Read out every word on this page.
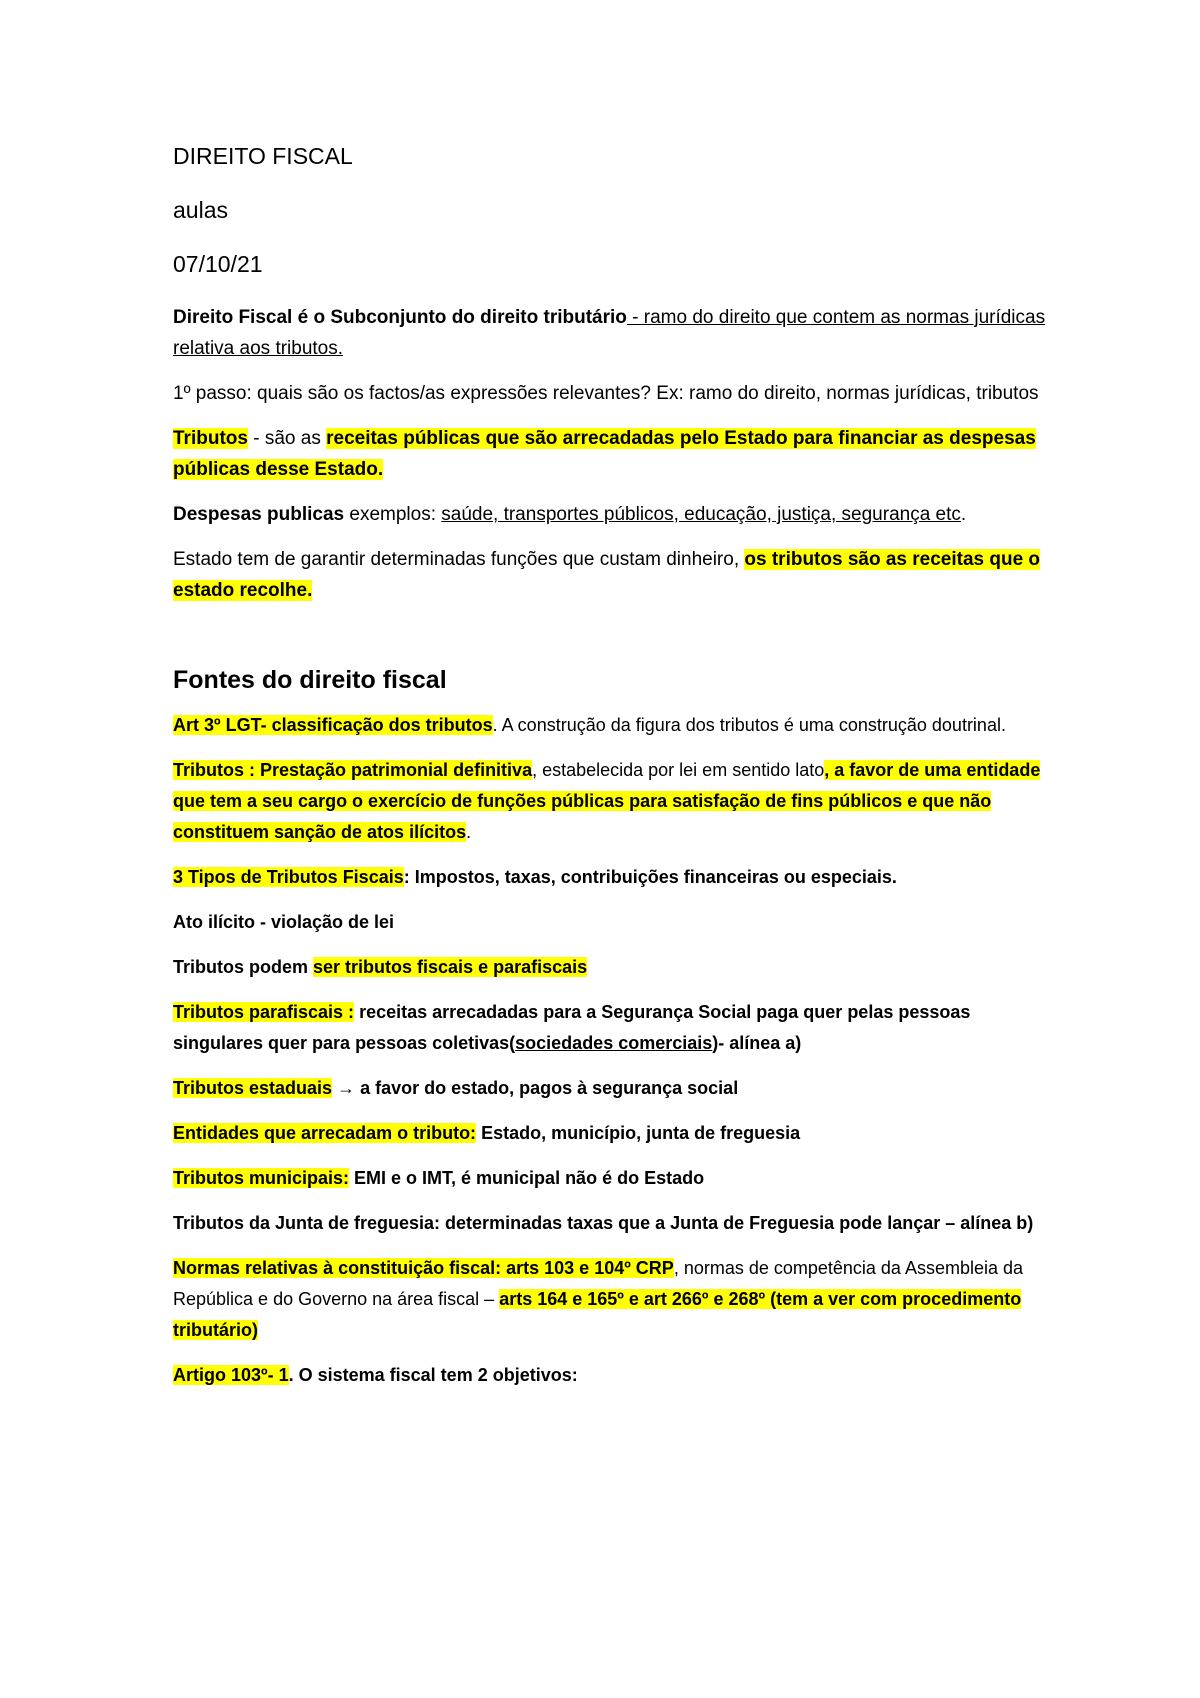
DIREITO FISCAL

aulas

07/10/21

Direito Fiscal é o Subconjunto do direito tributário - ramo do direito que contem as normas jurídicas relativa aos tributos.

1º passo: quais são os factos/as expressões relevantes? Ex: ramo do direito, normas jurídicas, tributos

Tributos - são as receitas públicas que são arrecadadas pelo Estado para financiar as despesas públicas desse Estado.

Despesas publicas exemplos: saúde, transportes públicos, educação, justiça, segurança etc.

Estado tem de garantir determinadas funções que custam dinheiro, os tributos são as receitas que o estado recolhe.

Fontes do direito fiscal

Art 3º LGT- classificação dos tributos. A construção da figura dos tributos é uma construção doutrinal.

Tributos : Prestação patrimonial definitiva, estabelecida por lei em sentido lato, a favor de uma entidade que tem a seu cargo o exercício de funções públicas para satisfação de fins públicos e que não constituem sanção de atos ilícitos.

3 Tipos de Tributos Fiscais: Impostos, taxas, contribuições financeiras ou especiais.

Ato ilícito - violação de lei

Tributos podem ser tributos fiscais e parafiscais

Tributos parafiscais : receitas arrecadadas para a Segurança Social paga quer pelas pessoas singulares quer para pessoas coletivas(sociedades comerciais)- alínea a)

Tributos estaduais → a favor do estado, pagos à segurança social

Entidades que arrecadam o tributo: Estado, município, junta de freguesia

Tributos municipais: EMI e o IMT, é municipal não é do Estado

Tributos da Junta de freguesia: determinadas taxas que a Junta de Freguesia pode lançar – alínea b)

Normas relativas à constituição fiscal: arts 103 e 104º CRP, normas de competência da Assembleia da República e do Governo na área fiscal – arts 164 e 165º e art 266º e 268º (tem a ver com procedimento tributário)

Artigo 103º- 1. O sistema fiscal tem 2 objetivos:
